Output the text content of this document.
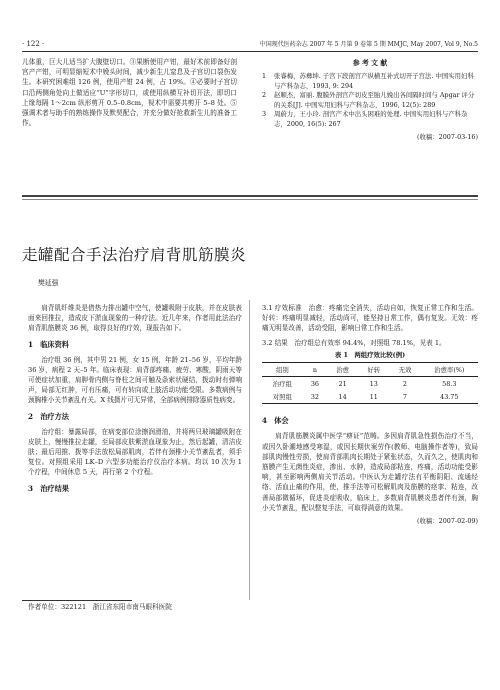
· 122 ·	中国现代医药杂志 2007 年 5 月第 9 卷第 5 期 MMJC, May 2007, Vol 9, No.5
儿体重，巨大儿适当扩大腹壁切口。③果断使用产钳，最好术前即备好剖宫产产钳，可明显缩短术中娩头时间，减少新生儿窒息及子宫切口裂伤发生。本研究困难组 126 例，使用产钳 24 例，占 19%。④必要时子宫切口沿两侧角处向上做适应“U”字形切口，或使用纵横互补切开法，即切口上缘每隔 1～2cm 纵形剪开 0.5–0.8cm，视术中需要共剪开 5–8 处。⑤强调术者与助手的熟练操作及默契配合，并充分做好抢救新生儿的准备工作。
参 考 文 献
1	张睿梅，苏彝坤. 子宫下段剖宫产纵横互补式切开子宫法. 中国实用妇科与产科杂志，1993, 9: 294
2	赵顺杰，富丽. 腹膜外剖宫产切皮至胎儿娩出各间隔时间与 Apgar 评分的关系[J]. 中国实用妇科与产科杂志，1996, 12(5): 289
3	周蔚力，王小玲. 剖宫产术中出头困难的处理. 中国实用妇科与产科杂志，2000, 16(5): 267
(收稿：2007-03-16)
走罐配合手法治疗肩背肌筋膜炎
樊延强
肩背肌纤维炎是借热力排出罐中空气，使罐吸附于皮肤，并在皮肤表面来回推拉，造成皮下淤血现象的一种疗法。近几年来，作者用此法治疗肩背肌筋膜炎 36 例，取得良好的疗效，现报告如下。
1　临床资料
治疗组 36 例，其中男 21 例，女 15 例，年龄 21–56 岁，平均年龄 36 岁，病程 2 天–5 年。临床表现：肩背部疼痛、疲劳、寒酸，阴雨天等可使症状加重，肩胛骨内侧与脊柱之间可触及条索状硬结，拨动时有弹响声，局部无红肿，可有压痛，可有转向或上肢活动功能受限。多数病例与颈胸椎小关节紊乱有关。X 线摄片可无异常，全部病例排除器质性病变。
2　治疗方法
治疗组：暴露局部，在病变部位涂擦润滑油，并将两只玻璃罐吸附在皮肤上，慢慢推拉走罐，至局部皮肤紫淤血现象为止，然后起罐，清洁皮肤；最后用推、拨等手法放松局部肌肉，若伴有颈椎小关节紊乱者，须手复位。对照组采用 LK–D 六型多功能治疗仪治疗本病。均以 10 次为 1 个疗程，中间休息 5 天，再行第 2 个疗程。
3　治疗结果
作者单位：322121　浙江省东阳市南马眼科医院
3.1 疗效标准　治愈：疼痛完全消失，活动自如，恢复正常工作和生活。好转：疼痛明显减轻，活动尚可，能坚持日常工作，偶有复发。无效：疼痛无明显改善，活动受阻，影响日常工作和生活。
3.2 结果　治疗组总有效率 94.4%，对照组 78.1%，见表 1。
表 1　两组疗效比较(例)
组别	n	治愈	好转	无效	治愈率(%)
治疗组	36	21	13	2	58.3
对照组	32	14	11	7	43.75
4　体会
肩背肌筋膜炎属中医学“痹证”范畴。多因肩背肌急性损伤治疗不当，或因久卧潮地感受寒湿，或因长期伏案劳作(教师、电脑操作者等)，致局部肌肉慢性劳损，使肩背部肌肉长期处于紧张状态，久而久之，使肌肉和筋膜产生无菌性炎症，渗出、水肿，造成局部粘连，疼痛，活动功能受影响，甚至影响两侧肩关节活动。中医认为走罐疗法有平衡阴阳、流通经络、活血止痛的作用，使，推手法等可松解肌肉及筋膜的痉挛、粘连，改善局部微循环，促进炎症吸收，临床上，多数肩背肌膜炎患者伴有颈，胸小关节紊乱，配以整复手法，可取得满意的效果。
(收稿：2007-02-09)
